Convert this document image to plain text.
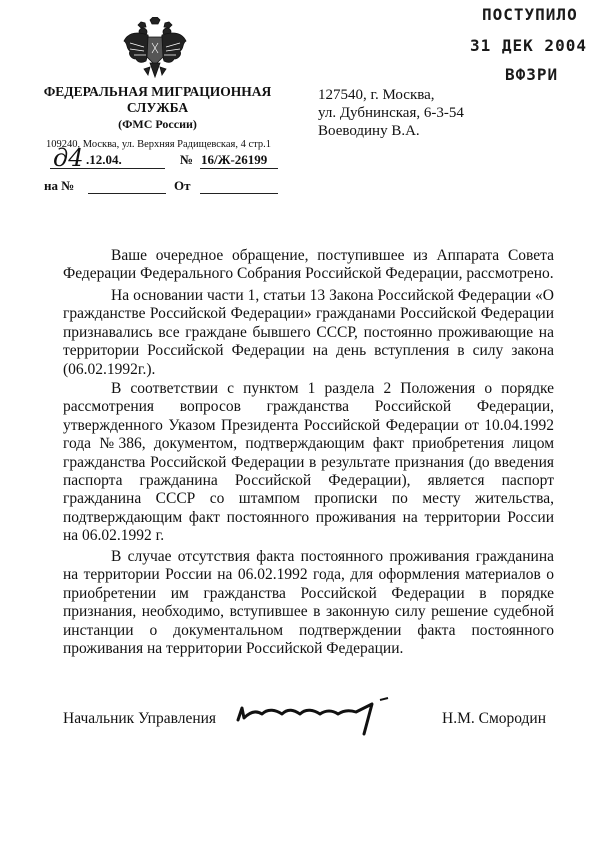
ПОСТУПИЛО
31 ДЕК 2004
ВФЗРИ
ФЕДЕРАЛЬНАЯ МИГРАЦИОННАЯ
СЛУЖБА
(ФМС России)
109240, Москва, ул. Верхняя Радищевская, 4 стр.1
д4 .12.04.	№ 16/Ж-26199
на №	От
127540, г. Москва,
ул. Дубнинская, 6-3-54
Воеводину В.А.

Ваше очередное обращение, поступившее из Аппарата Совета Федерации Федерального Собрания Российской Федерации, рассмотрено.

На основании части 1, статьи 13 Закона Российской Федерации «О гражданстве Российской Федерации» гражданами Российской Федерации признавались все граждане бывшего СССР, постоянно проживающие на территории Российской Федерации на день вступления в силу закона (06.02.1992г.).

В соответствии с пунктом 1 раздела 2 Положения о порядке рассмотрения вопросов гражданства Российской Федерации, утвержденного Указом Президента Российской Федерации от 10.04.1992 года №386, документом, подтверждающим факт приобретения лицом гражданства Российской Федерации в результате признания (до введения паспорта гражданина Российской Федерации), является паспорт гражданина СССР со штампом прописки по месту жительства, подтверждающим факт постоянного проживания на территории России на 06.02.1992 г.

В случае отсутствия факта постоянного проживания гражданина на территории России на 06.02.1992 года, для оформления материалов о приобретении им гражданства Российской Федерации в порядке признания, необходимо, вступившее в законную силу решение судебной инстанции о документальном подтверждении факта постоянного проживания на территории Российской Федерации.

Начальник Управления	Н.М. Смородин
